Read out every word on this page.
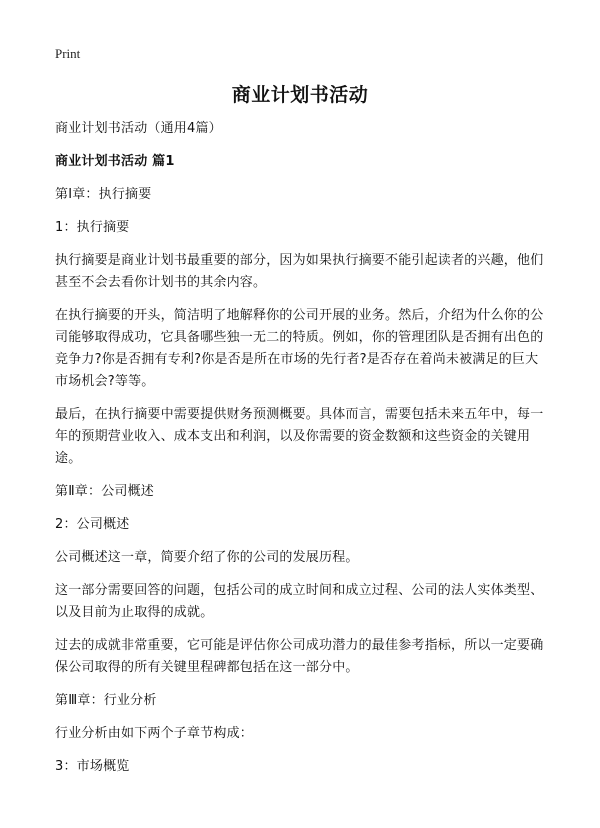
Print
商业计划书活动

商业计划书活动（通用4篇）

商业计划书活动 篇1

第Ⅰ章：执行摘要

1：执行摘要

执行摘要是商业计划书最重要的部分，因为如果执行摘要不能引起读者的兴趣，他们甚至不会去看你计划书的其余内容。

在执行摘要的开头，简洁明了地解释你的公司开展的业务。然后，介绍为什么你的公司能够取得成功，它具备哪些独一无二的特质。例如，你的管理团队是否拥有出色的竞争力?你是否拥有专利?你是否是所在市场的先行者?是否存在着尚未被满足的巨大市场机会?等等。

最后，在执行摘要中需要提供财务预测概要。具体而言，需要包括未来五年中，每一年的预期营业收入、成本支出和利润，以及你需要的资金数额和这些资金的关键用途。

第Ⅱ章：公司概述

2：公司概述

公司概述这一章，简要介绍了你的公司的发展历程。

这一部分需要回答的问题，包括公司的成立时间和成立过程、公司的法人实体类型、以及目前为止取得的成就。

过去的成就非常重要，它可能是评估你公司成功潜力的最佳参考指标，所以一定要确保公司取得的所有关键里程碑都包括在这一部分中。

第Ⅲ章：行业分析

行业分析由如下两个子章节构成：

3：市场概览
